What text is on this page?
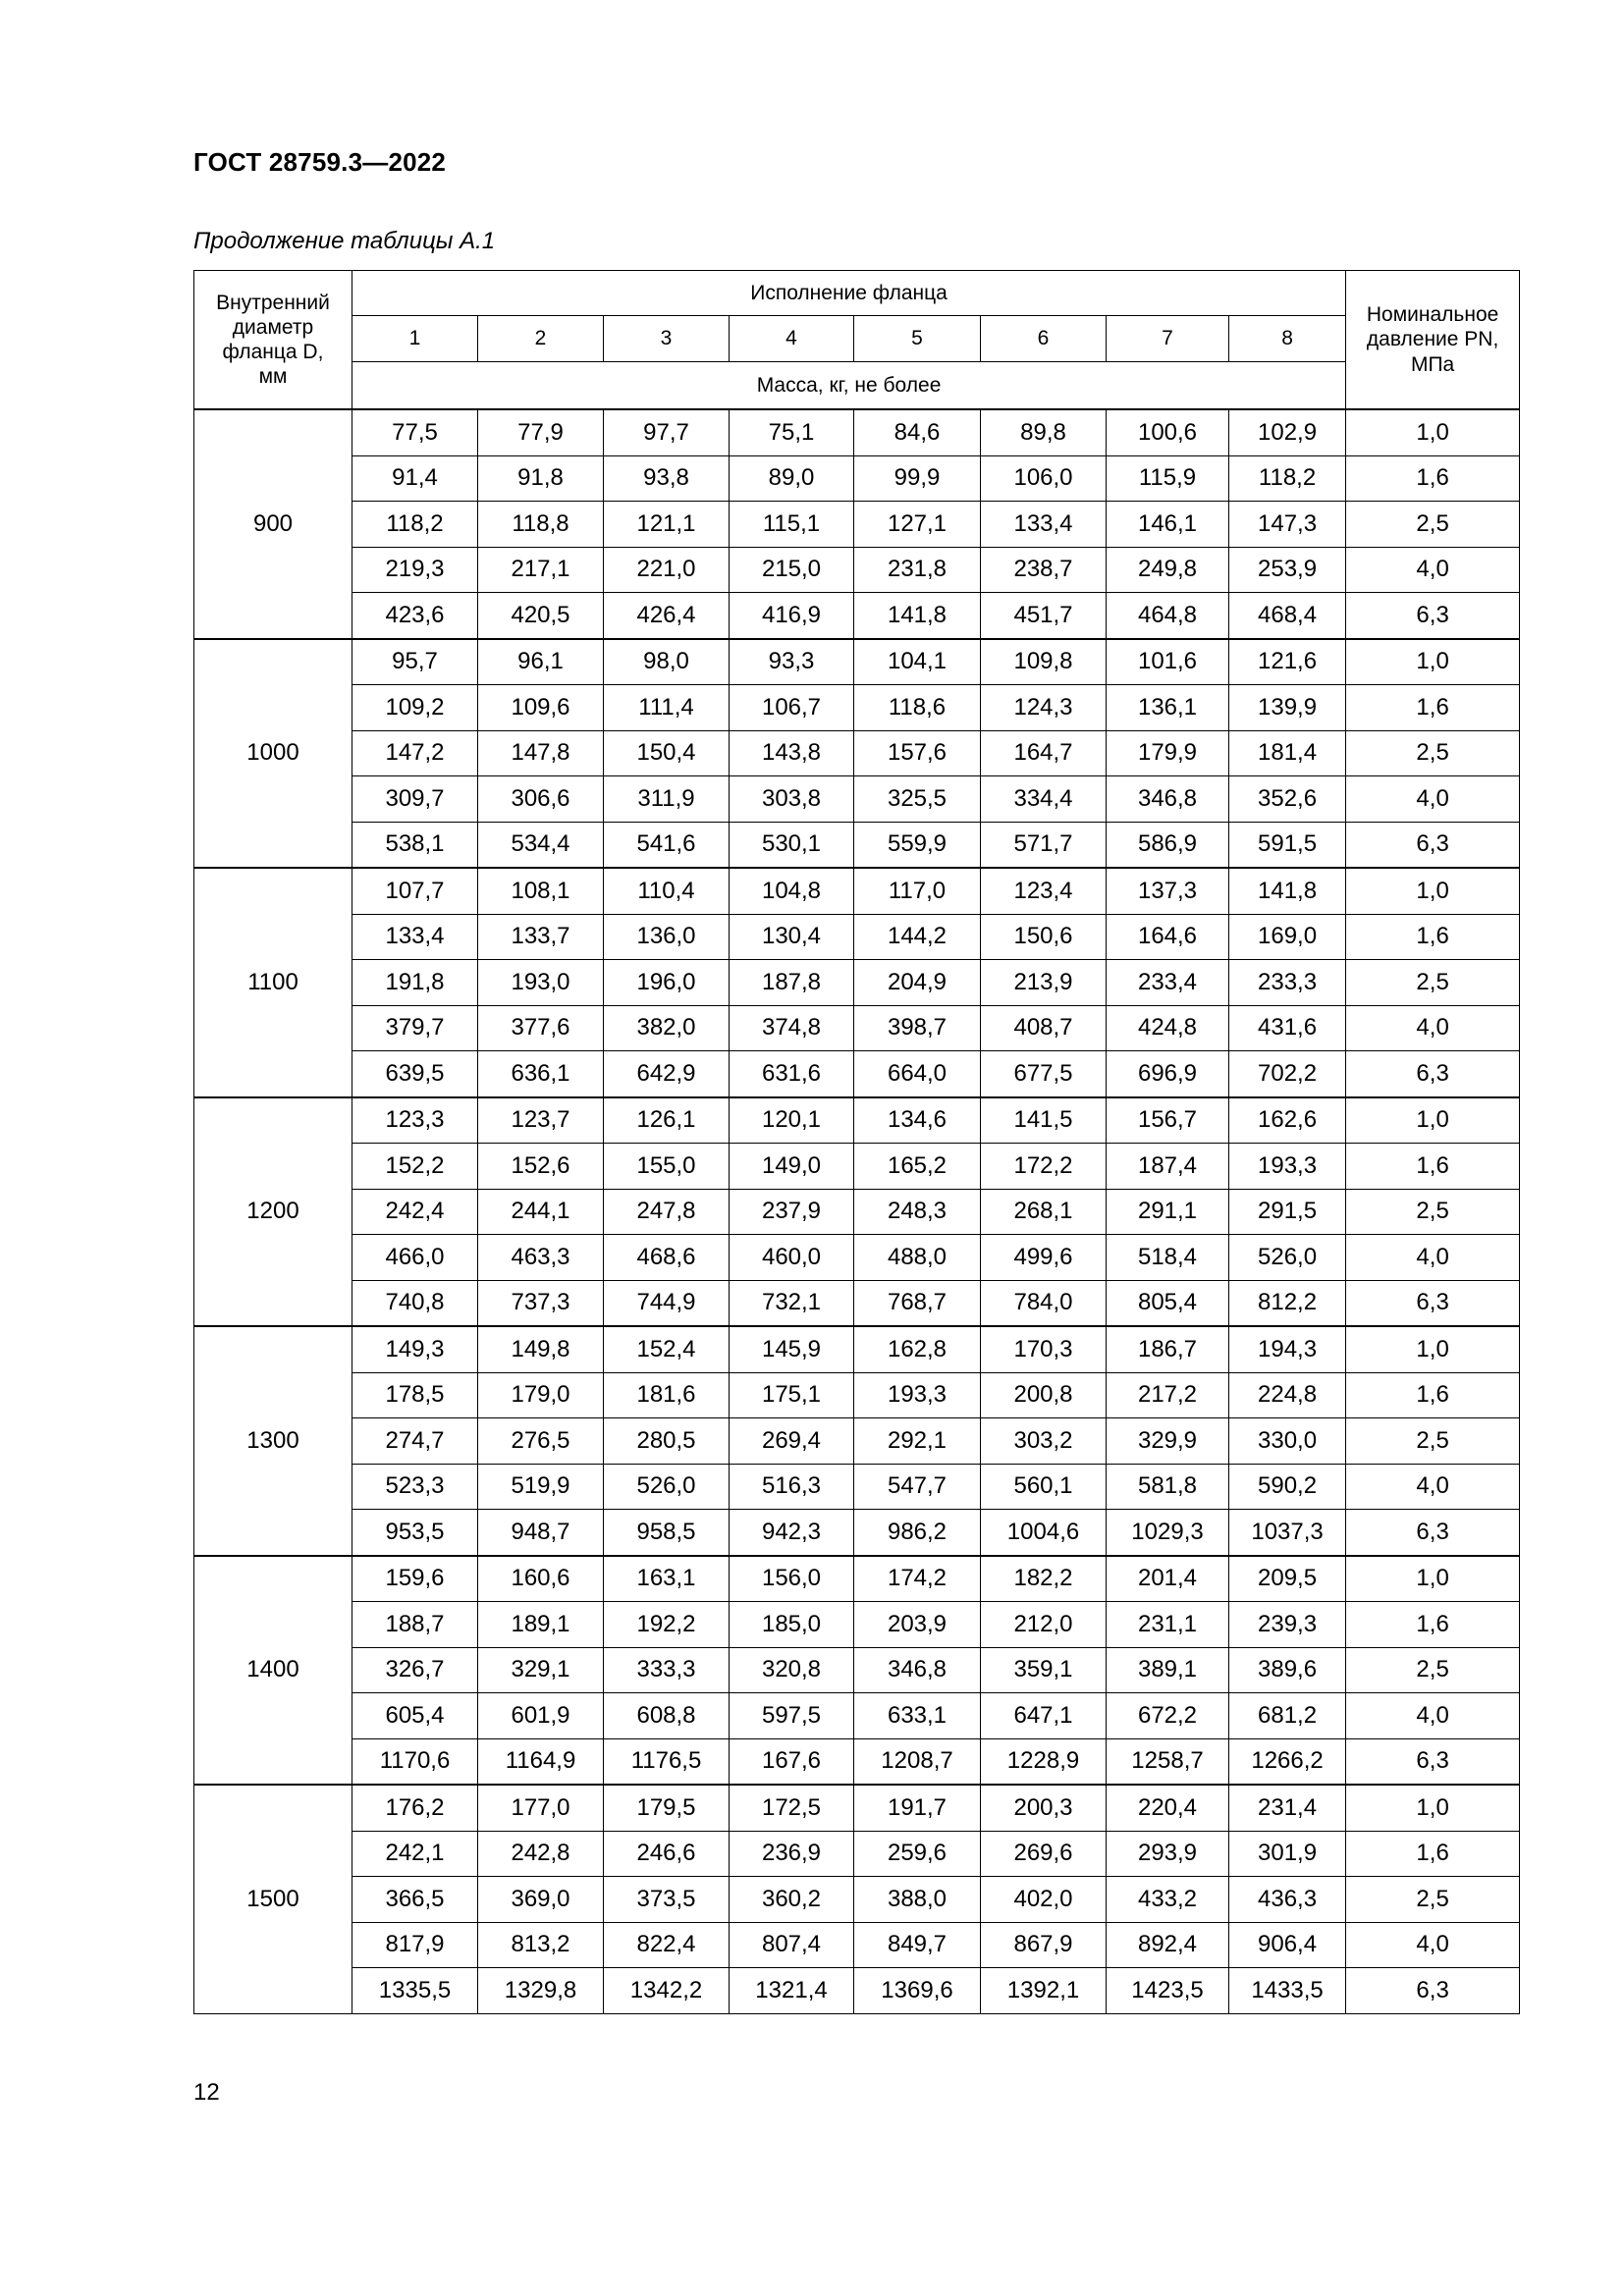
ГОСТ 28759.3—2022
Продолжение таблицы А.1
Внутренний диаметр фланца D, мм	Исполнение фланца								Номинальное давление PN, МПа
	1	2	3	4	5	6	7	8	
	Масса, кг, не более								
900	77,5	77,9	97,7	75,1	84,6	89,8	100,6	102,9	1,0
	91,4	91,8	93,8	89,0	99,9	106,0	115,9	118,2	1,6
	118,2	118,8	121,1	115,1	127,1	133,4	146,1	147,3	2,5
	219,3	217,1	221,0	215,0	231,8	238,7	249,8	253,9	4,0
	423,6	420,5	426,4	416,9	141,8	451,7	464,8	468,4	6,3
1000	95,7	96,1	98,0	93,3	104,1	109,8	101,6	121,6	1,0
	109,2	109,6	111,4	106,7	118,6	124,3	136,1	139,9	1,6
	147,2	147,8	150,4	143,8	157,6	164,7	179,9	181,4	2,5
	309,7	306,6	311,9	303,8	325,5	334,4	346,8	352,6	4,0
	538,1	534,4	541,6	530,1	559,9	571,7	586,9	591,5	6,3
1100	107,7	108,1	110,4	104,8	117,0	123,4	137,3	141,8	1,0
	133,4	133,7	136,0	130,4	144,2	150,6	164,6	169,0	1,6
	191,8	193,0	196,0	187,8	204,9	213,9	233,4	233,3	2,5
	379,7	377,6	382,0	374,8	398,7	408,7	424,8	431,6	4,0
	639,5	636,1	642,9	631,6	664,0	677,5	696,9	702,2	6,3
1200	123,3	123,7	126,1	120,1	134,6	141,5	156,7	162,6	1,0
	152,2	152,6	155,0	149,0	165,2	172,2	187,4	193,3	1,6
	242,4	244,1	247,8	237,9	248,3	268,1	291,1	291,5	2,5
	466,0	463,3	468,6	460,0	488,0	499,6	518,4	526,0	4,0
	740,8	737,3	744,9	732,1	768,7	784,0	805,4	812,2	6,3
1300	149,3	149,8	152,4	145,9	162,8	170,3	186,7	194,3	1,0
	178,5	179,0	181,6	175,1	193,3	200,8	217,2	224,8	1,6
	274,7	276,5	280,5	269,4	292,1	303,2	329,9	330,0	2,5
	523,3	519,9	526,0	516,3	547,7	560,1	581,8	590,2	4,0
	953,5	948,7	958,5	942,3	986,2	1004,6	1029,3	1037,3	6,3
1400	159,6	160,6	163,1	156,0	174,2	182,2	201,4	209,5	1,0
	188,7	189,1	192,2	185,0	203,9	212,0	231,1	239,3	1,6
	326,7	329,1	333,3	320,8	346,8	359,1	389,1	389,6	2,5
	605,4	601,9	608,8	597,5	633,1	647,1	672,2	681,2	4,0
	1170,6	1164,9	1176,5	167,6	1208,7	1228,9	1258,7	1266,2	6,3
1500	176,2	177,0	179,5	172,5	191,7	200,3	220,4	231,4	1,0
	242,1	242,8	246,6	236,9	259,6	269,6	293,9	301,9	1,6
	366,5	369,0	373,5	360,2	388,0	402,0	433,2	436,3	2,5
	817,9	813,2	822,4	807,4	849,7	867,9	892,4	906,4	4,0
	1335,5	1329,8	1342,2	1321,4	1369,6	1392,1	1423,5	1433,5	6,3
12
